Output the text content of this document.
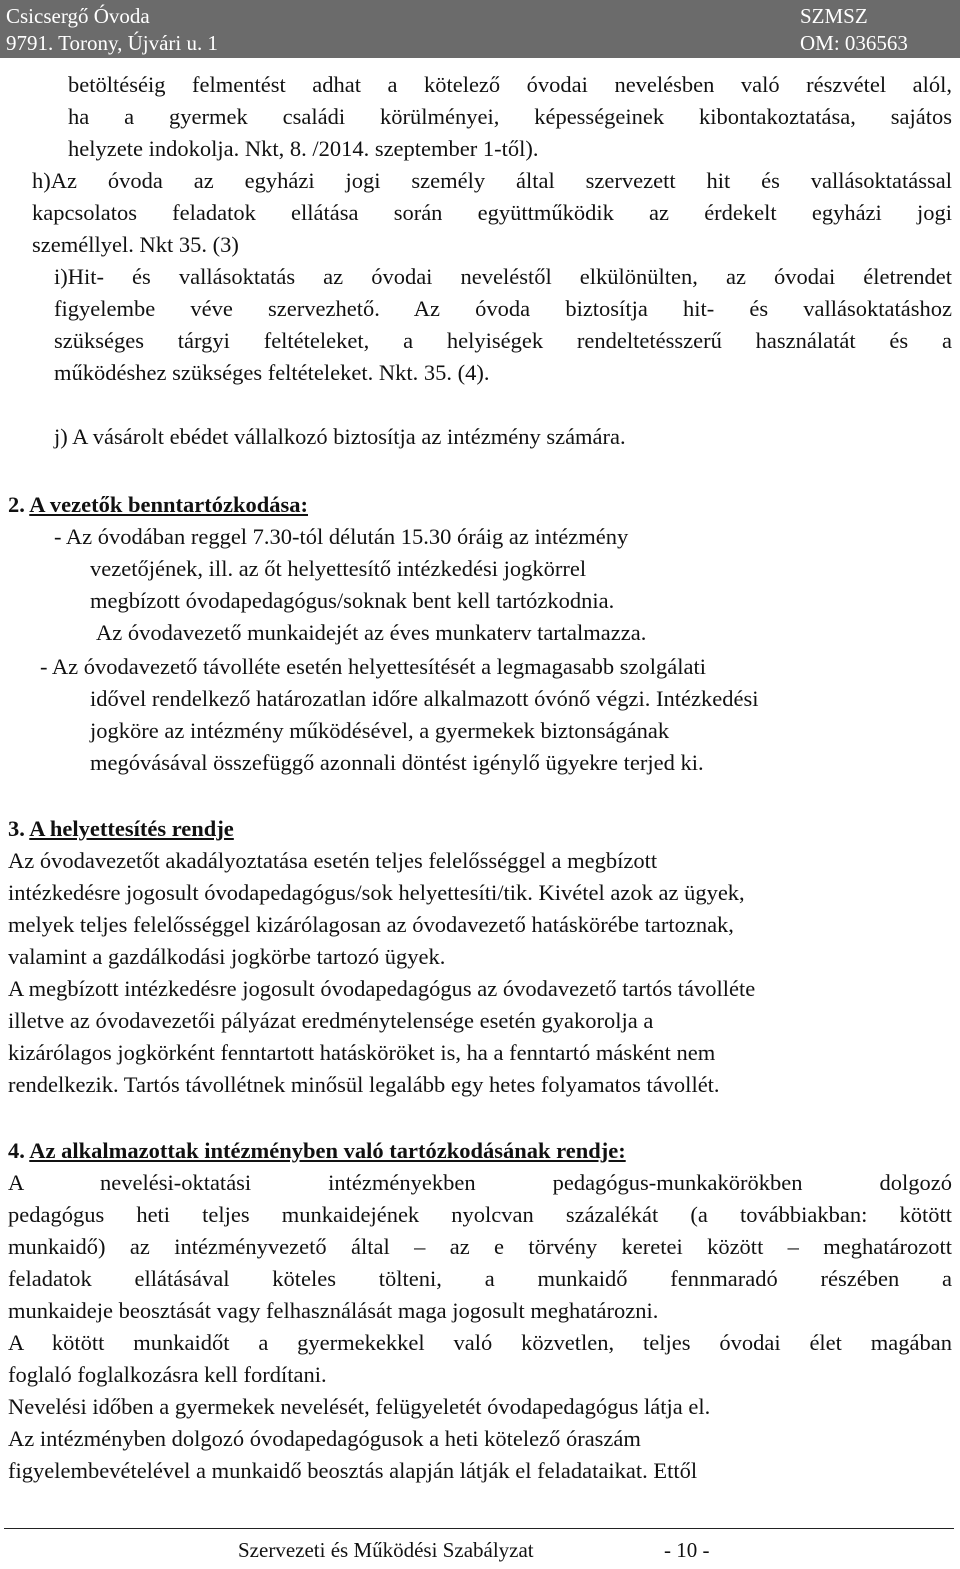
Csicsergő Óvoda
9791. Torony, Újvári u. 1
SZMSZ
OM: 036563
betöltéséig felmentést adhat a kötelező óvodai nevelésben való részvétel alól,
ha a gyermek családi körülményei, képességeinek kibontakoztatása, sajátos
helyzete indokolja. Nkt, 8. /2014. szeptember 1-től).
h)Az óvoda az egyházi jogi személy által szervezett hit és vallásoktatással
kapcsolatos feladatok ellátása során együttműködik az érdekelt egyházi jogi
személlyel. Nkt 35. (3)
i)Hit- és vallásoktatás az óvodai neveléstől elkülönülten, az óvodai életrendet
figyelembe véve szervezhető. Az óvoda biztosítja hit- és vallásoktatáshoz
szükséges tárgyi feltételeket, a helyiségek rendeltetésszerű használatát és a
működéshez szükséges feltételeket. Nkt. 35. (4).
j) A vásárolt ebédet vállalkozó biztosítja az intézmény számára.
2. A vezetők benntartózkodása:
- Az óvodában reggel 7.30-tól délután 15.30 óráig az intézmény
vezetőjének, ill. az őt helyettesítő intézkedési jogkörrel
megbízott óvodapedagógus/soknak bent kell tartózkodnia.
Az óvodavezető munkaidejét az éves munkaterv tartalmazza.
- Az óvodavezető távolléte esetén helyettesítését a legmagasabb szolgálati
idővel rendelkező határozatlan időre alkalmazott óvónő végzi. Intézkedési
jogköre az intézmény működésével, a gyermekek biztonságának
megóvásával összefüggő azonnali döntést igénylő ügyekre terjed ki.
3. A helyettesítés rendje
Az óvodavezetőt akadályoztatása esetén teljes felelősséggel a megbízott
intézkedésre jogosult óvodapedagógus/sok helyettesíti/tik. Kivétel azok az ügyek,
melyek teljes felelősséggel kizárólagosan az óvodavezető hatáskörébe tartoznak,
valamint a gazdálkodási jogkörbe tartozó ügyek.
A megbízott intézkedésre jogosult óvodapedagógus az óvodavezető tartós távolléte
illetve az óvodavezetői pályázat eredménytelensége esetén gyakorolja a
kizárólagos jogkörként fenntartott hatásköröket is, ha a fenntartó másként nem
rendelkezik. Tartós távollétnek minősül legalább egy hetes folyamatos távollét.
4. Az alkalmazottak intézményben való tartózkodásának rendje:
A nevelési-oktatási intézményekben pedagógus-munkakörökben dolgozó
pedagógus heti teljes munkaidejének nyolcvan százalékát (a továbbiakban: kötött
munkaidő) az intézményvezető által – az e törvény keretei között – meghatározott
feladatok ellátásával köteles tölteni, a munkaidő fennmaradó részében a
munkaideje beosztását vagy felhasználását maga jogosult meghatározni.
A kötött munkaidőt a gyermekekkel való közvetlen, teljes óvodai élet magában
foglaló foglalkozásra kell fordítani.
Nevelési időben a gyermekek nevelését, felügyeletét óvodapedagógus látja el.
Az intézményben dolgozó óvodapedagógusok a heti kötelező óraszám
figyelembevételével a munkaidő beosztás alapján látják el feladataikat. Ettől
Szervezeti és Működési Szabályzat	- 10 -
